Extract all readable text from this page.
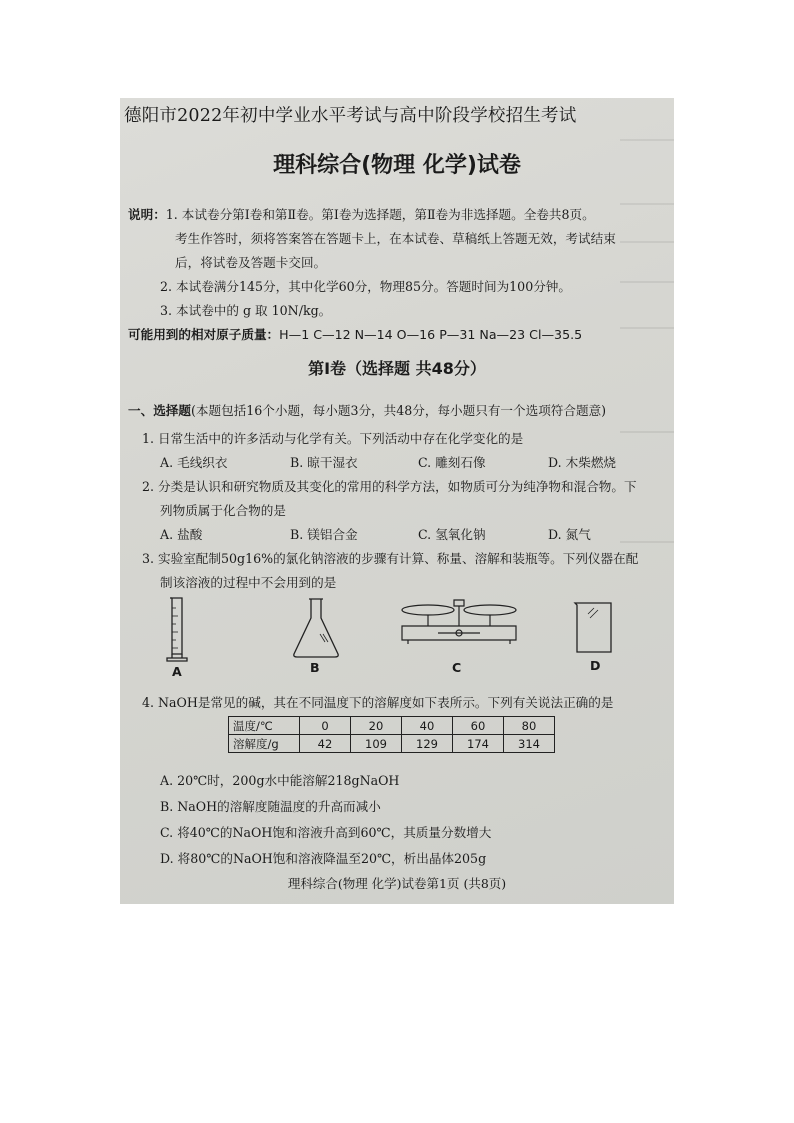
德阳市2022年初中学业水平考试与高中阶段学校招生考试
理科综合(物理 化学)试卷
说明：1. 本试卷分第Ⅰ卷和第Ⅱ卷。第Ⅰ卷为选择题，第Ⅱ卷为非选择题。全卷共8页。
考生作答时，须将答案答在答题卡上，在本试卷、草稿纸上答题无效，考试结束
后，将试卷及答题卡交回。
2. 本试卷满分145分，其中化学60分，物理85分。答题时间为100分钟。
3. 本试卷中的 g 取 10N/kg。
可能用到的相对原子质量：H—1 C—12 N—14 O—16 P—31 Na—23 Cl—35.5
第Ⅰ卷（选择题 共48分）
一、选择题(本题包括16个小题，每小题3分，共48分，每小题只有一个选项符合题意)
1. 日常生活中的许多活动与化学有关。下列活动中存在化学变化的是
A. 毛线织衣	B. 晾干湿衣	C. 雕刻石像	D. 木柴燃烧
2. 分类是认识和研究物质及其变化的常用的科学方法，如物质可分为纯净物和混合物。下
列物质属于化合物的是
A. 盐酸	B. 镁铝合金	C. 氢氧化钠	D. 氮气
3. 实验室配制50g16%的氯化钠溶液的步骤有计算、称量、溶解和装瓶等。下列仪器在配
制该溶液的过程中不会用到的是
A	B	C	D
4. NaOH是常见的碱，其在不同温度下的溶解度如下表所示。下列有关说法正确的是
温度/℃	0	20	40	60	80
溶解度/g	42	109	129	174	314
A. 20℃时，200g水中能溶解218gNaOH
B. NaOH的溶解度随温度的升高而减小
C. 将40℃的NaOH饱和溶液升高到60℃，其质量分数增大
D. 将80℃的NaOH饱和溶液降温至20℃，析出晶体205g
理科综合(物理 化学)试卷第1页 (共8页)
